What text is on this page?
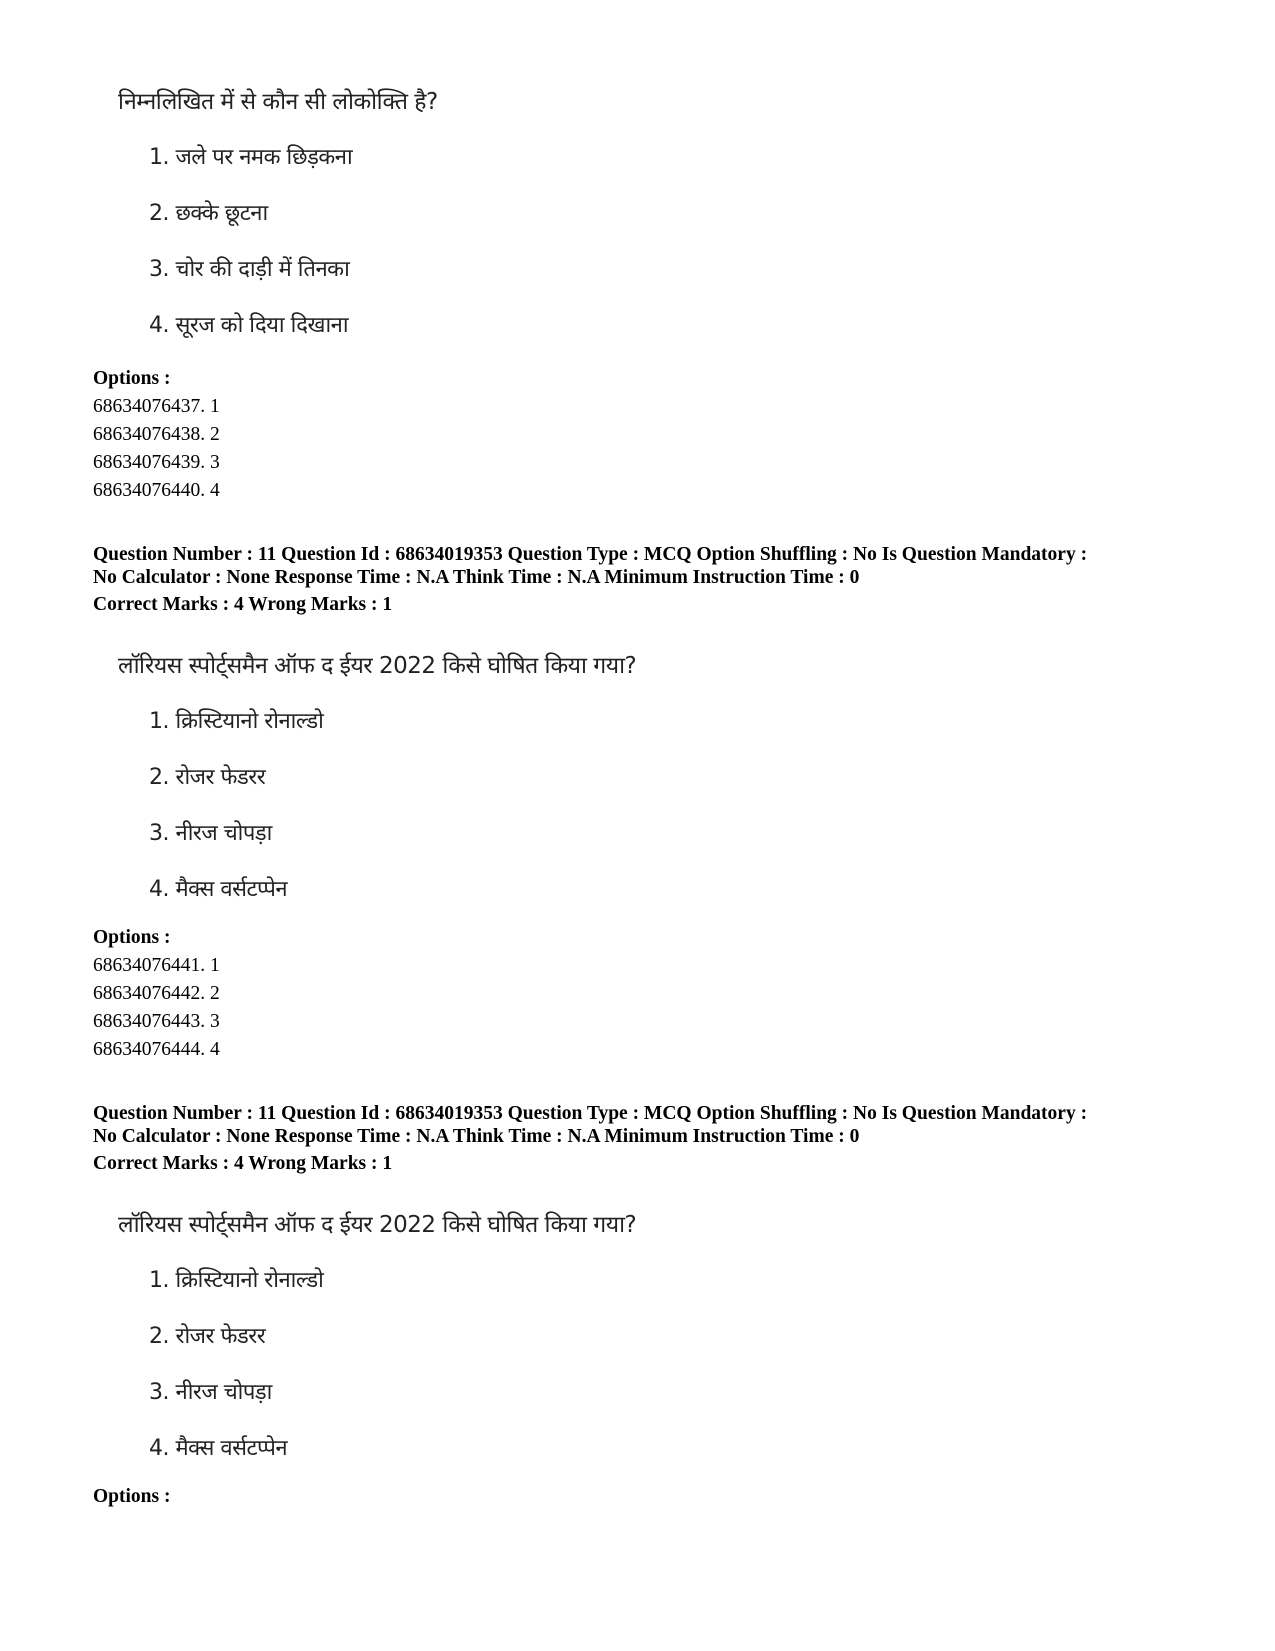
निम्नलिखित में से कौन सी लोकोक्ति है?
1. जले पर नमक छिड़कना
2. छक्के छूटना
3. चोर की दाड़ी में तिनका
4. सूरज को दिया दिखाना
Options :
68634076437. 1
68634076438. 2
68634076439. 3
68634076440. 4
Question Number : 11 Question Id : 68634019353 Question Type : MCQ Option Shuffling : No Is Question Mandatory :
No Calculator : None Response Time : N.A Think Time : N.A Minimum Instruction Time : 0
Correct Marks : 4 Wrong Marks : 1
लॉरियस स्पोर्ट्समैन ऑफ द ईयर 2022 किसे घोषित किया गया?
1. क्रिस्टियानो रोनाल्डो
2. रोजर फेडरर
3. नीरज चोपड़ा
4. मैक्स वर्सटप्पेन
Options :
68634076441. 1
68634076442. 2
68634076443. 3
68634076444. 4
Question Number : 11 Question Id : 68634019353 Question Type : MCQ Option Shuffling : No Is Question Mandatory :
No Calculator : None Response Time : N.A Think Time : N.A Minimum Instruction Time : 0
Correct Marks : 4 Wrong Marks : 1
लॉरियस स्पोर्ट्समैन ऑफ द ईयर 2022 किसे घोषित किया गया?
1. क्रिस्टियानो रोनाल्डो
2. रोजर फेडरर
3. नीरज चोपड़ा
4. मैक्स वर्सटप्पेन
Options :
